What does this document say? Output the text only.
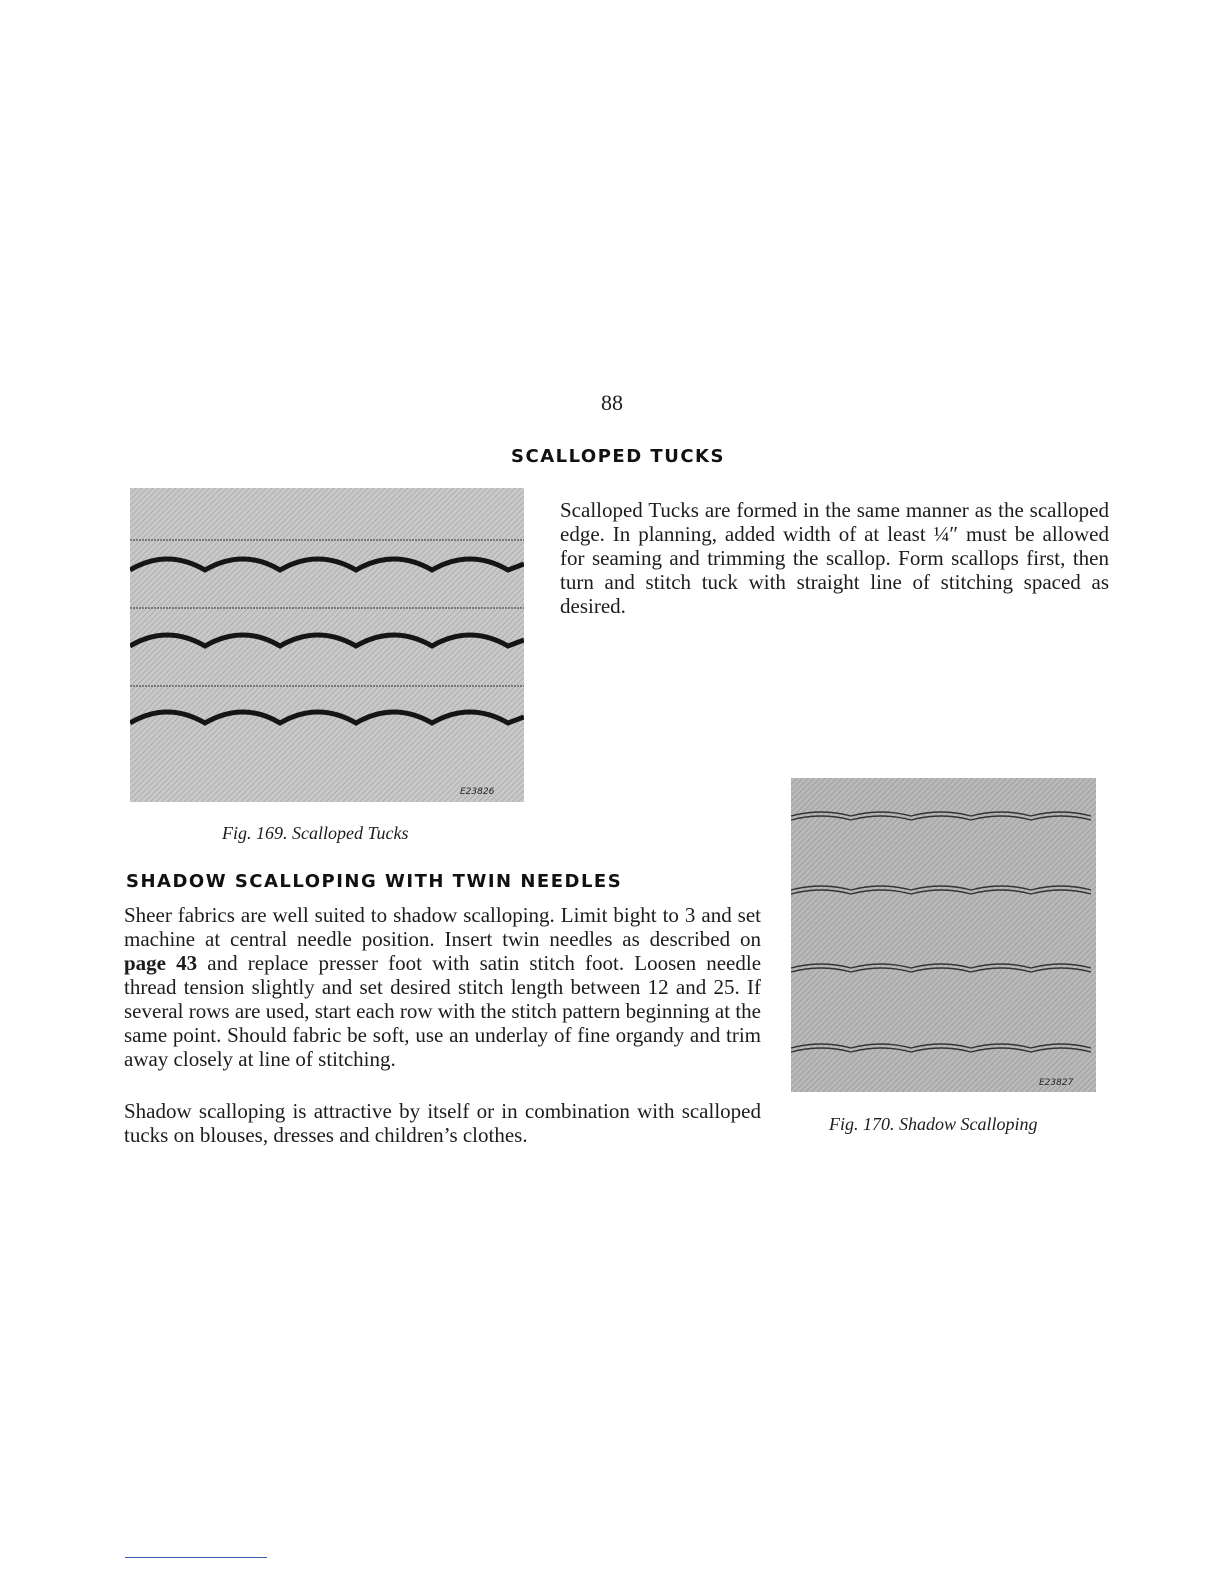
88
SCALLOPED TUCKS
E23826

Scalloped Tucks are formed in the same manner as the scalloped edge. In planning, added width of at least ¼″ must be allowed for seaming and trimming the scallop. Form scallops first, then turn and stitch tuck with straight line of stitching spaced as desired.

Fig. 169. Scalloped Tucks
SHADOW SCALLOPING WITH TWIN NEEDLES

Sheer fabrics are well suited to shadow scalloping. Limit bight to 3 and set machine at central needle position. Insert twin needles as described on page 43 and replace presser foot with satin stitch foot. Loosen needle thread tension slightly and set desired stitch length between 12 and 25. If several rows are used, start each row with the stitch pattern beginning at the same point. Should fabric be soft, use an underlay of fine organdy and trim away closely at line of stitching.

Shadow scalloping is attractive by itself or in combination with scalloped tucks on blouses, dresses and children’s clothes.

E23827
Fig. 170. Shadow Scalloping
